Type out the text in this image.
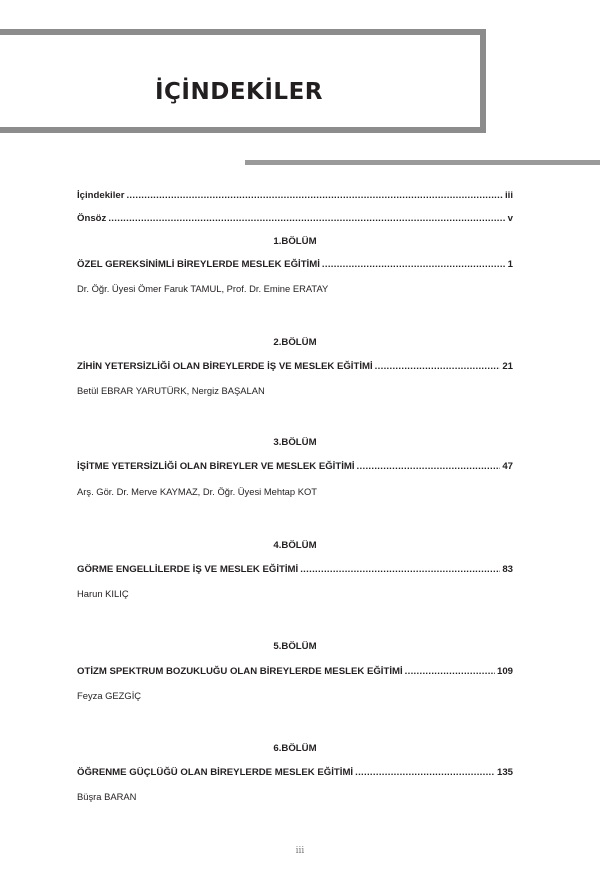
İÇİNDEKİLER
İçindekiler .....	iii
Önsöz .....	v
1.BÖLÜM
ÖZEL GEREKSİNİMLİ BİREYLERDE MESLEK EĞİTİMİ .....	1
Dr. Öğr. Üyesi Ömer Faruk TAMUL, Prof. Dr. Emine ERATAY
2.BÖLÜM
ZİHİN YETERSİZLİĞİ OLAN BİREYLERDE İŞ VE MESLEK EĞİTİMİ .....	21
Betül EBRAR YARUTÜRK, Nergiz BAŞALAN
3.BÖLÜM
İŞİTME YETERSİZLİĞİ OLAN BİREYLER VE MESLEK EĞİTİMİ .....	47
Arş. Gör. Dr. Merve KAYMAZ, Dr. Öğr. Üyesi Mehtap KOT
4.BÖLÜM
GÖRME ENGELLİLERDE İŞ VE MESLEK EĞİTİMİ .....	83
Harun KILIÇ
5.BÖLÜM
OTİZM SPEKTRUM BOZUKLUĞU OLAN BİREYLERDE MESLEK EĞİTİMİ .....	109
Feyza GEZGİÇ
6.BÖLÜM
ÖĞRENME GÜÇLÜĞÜ OLAN BİREYLERDE MESLEK EĞİTİMİ .....	135
Büşra BARAN
iii
